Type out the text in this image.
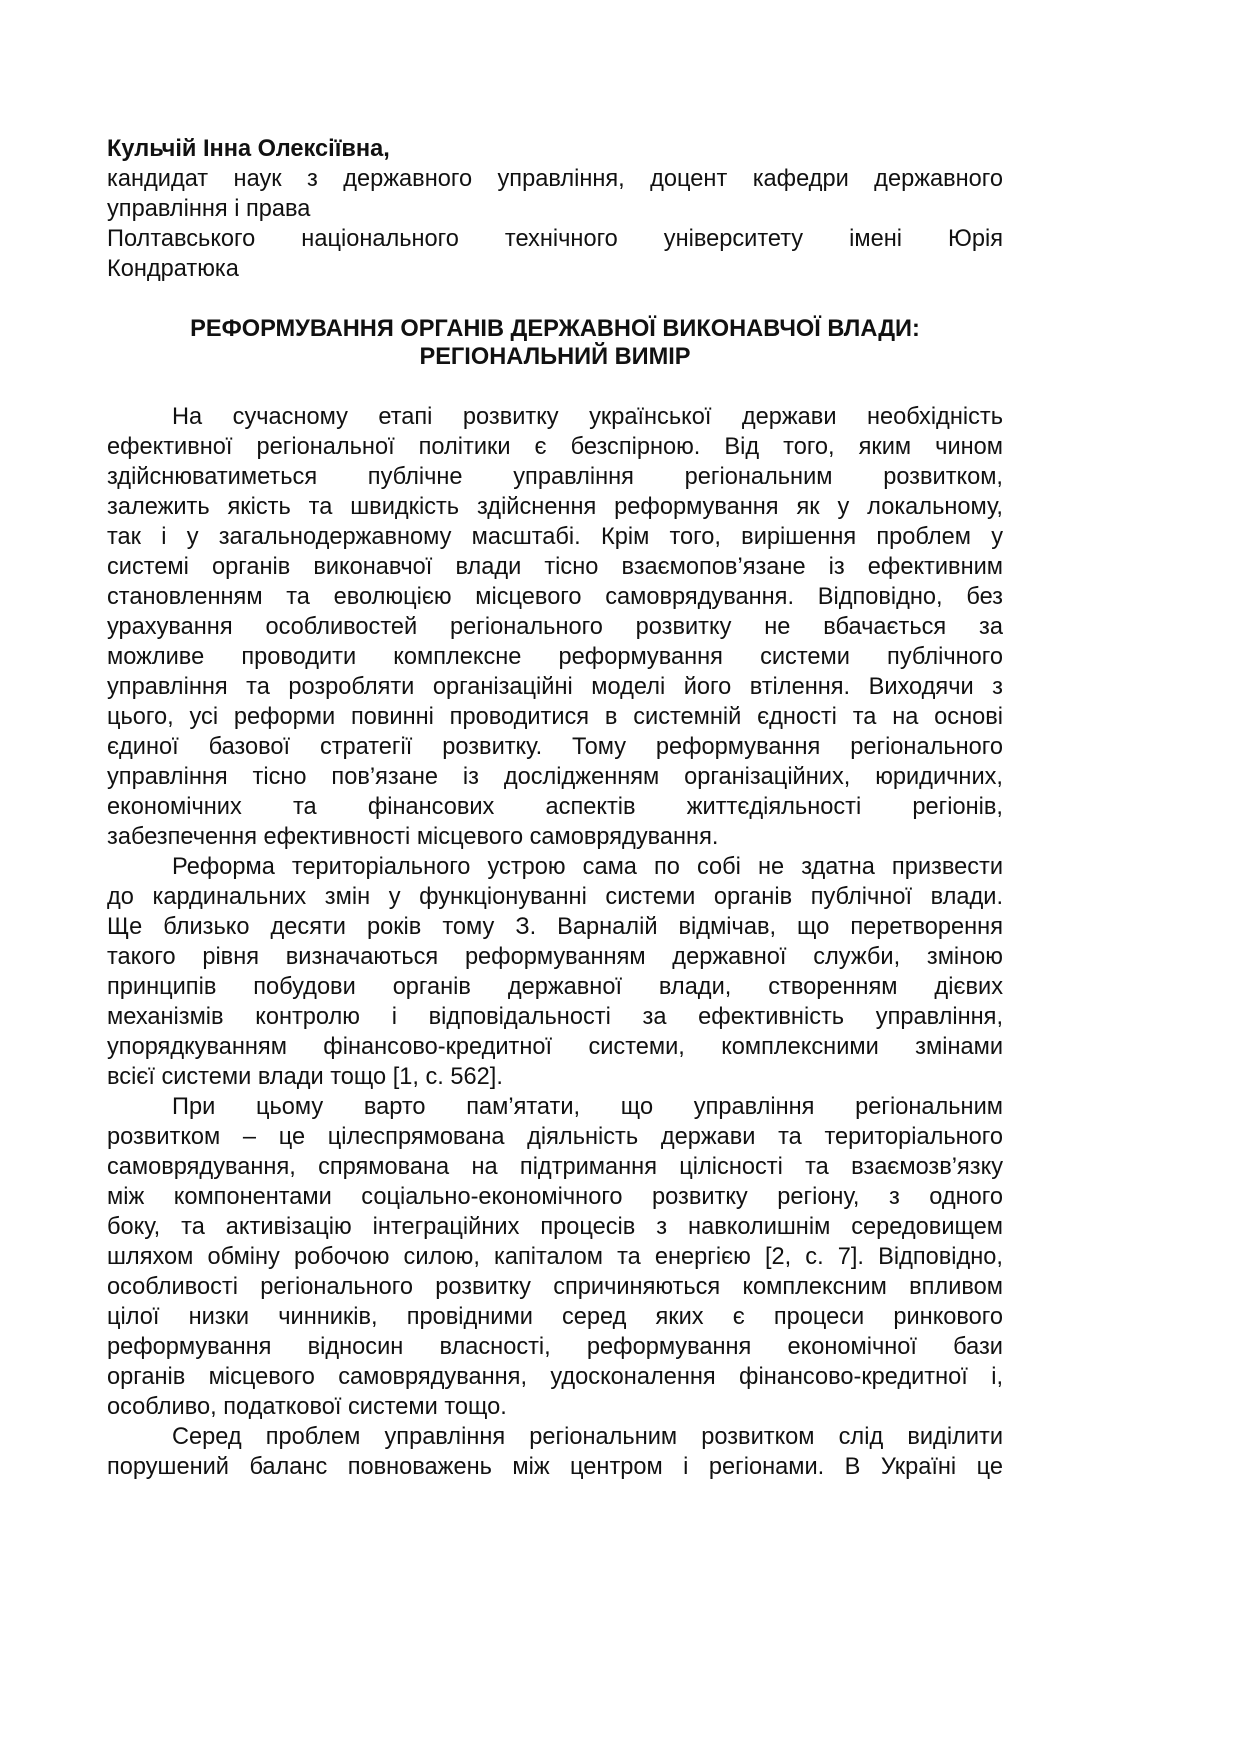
Кульчій Інна Олексіївна,
кандидат наук з державного управління, доцент кафедри державного
управління і права
Полтавського національного технічного університету імені Юрія
Кондратюка
РЕФОРМУВАННЯ ОРГАНІВ ДЕРЖАВНОЇ ВИКОНАВЧОЇ ВЛАДИ:
РЕГІОНАЛЬНИЙ ВИМІР
На сучасному етапі розвитку української держави необхідність
ефективної регіональної політики є безспірною. Від того, яким чином
здійснюватиметься публічне управління регіональним розвитком,
залежить якість та швидкість здійснення реформування як у локальному,
так і у загальнодержавному масштабі. Крім того, вирішення проблем у
системі органів виконавчої влади тісно взаємопов’язане із ефективним
становленням та еволюцією місцевого самоврядування. Відповідно, без
урахування особливостей регіонального розвитку не вбачається за
можливе проводити комплексне реформування системи публічного
управління та розробляти організаційні моделі його втілення. Виходячи з
цього, усі реформи повинні проводитися в системній єдності та на основі
єдиної базової стратегії розвитку. Тому реформування регіонального
управління тісно пов’язане із дослідженням організаційних, юридичних,
економічних та фінансових аспектів життєдіяльності регіонів,
забезпечення ефективності місцевого самоврядування.
Реформа територіального устрою сама по собі не здатна призвести
до кардинальних змін у функціонуванні системи органів публічної влади.
Ще близько десяти років тому З. Варналій відмічав, що перетворення
такого рівня визначаються реформуванням державної служби, зміною
принципів побудови органів державної влади, створенням дієвих
механізмів контролю і відповідальності за ефективність управління,
упорядкуванням фінансово-кредитної системи, комплексними змінами
всієї системи влади тощо [1, с. 562].
При цьому варто пам’ятати, що управління регіональним
розвитком – це цілеспрямована діяльність держави та територіального
самоврядування, спрямована на підтримання цілісності та взаємозв’язку
між компонентами соціально-економічного розвитку регіону, з одного
боку, та активізацію інтеграційних процесів з навколишнім середовищем
шляхом обміну робочою силою, капіталом та енергією [2, с. 7]. Відповідно,
особливості регіонального розвитку спричиняються комплексним впливом
цілої низки чинників, провідними серед яких є процеси ринкового
реформування відносин власності, реформування економічної бази
органів місцевого самоврядування, удосконалення фінансово-кредитної і,
особливо, податкової системи тощо.
Серед проблем управління регіональним розвитком слід виділити
порушений баланс повноважень між центром і регіонами. В Україні це
